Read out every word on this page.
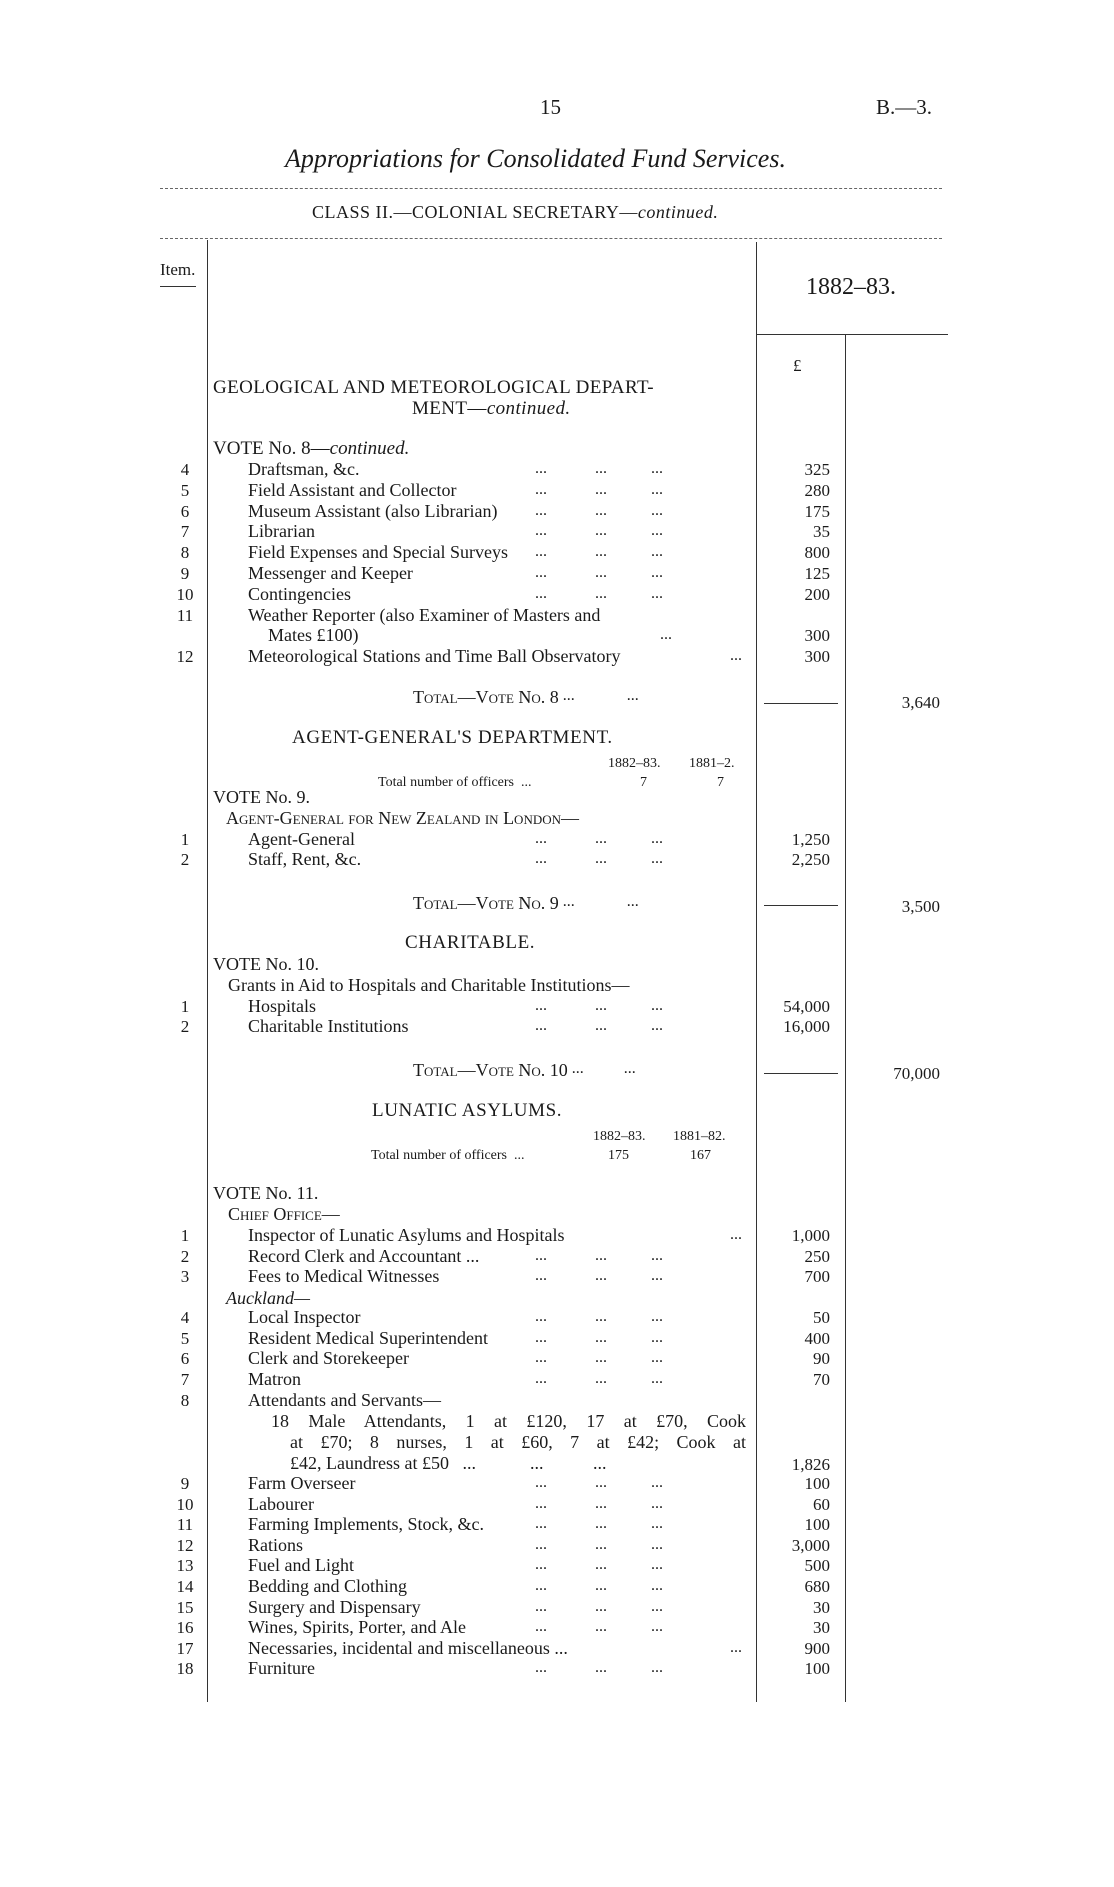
15	B.—3.
Appropriations for Consolidated Fund Services.
CLASS II.—COLONIAL SECRETARY—continued.
Item.
1882–83.
£
GEOLOGICAL AND METEOROLOGICAL DEPART-
MENT—continued.
VOTE No. 8—continued.
4	Draftsman, &c.	...            ...           ...	325
5	Field Assistant and Collector	...            ...           ...	280
6	Museum Assistant (also Librarian) ...            ...           ...	175
7	Librarian	...            ...           ...	35
8	Field Expenses and Special Surveys ...            ...           ...	800
9	Messenger and Keeper	...            ...           ...	125
10	Contingencies	...            ...           ...	200
11	Weather Reporter (also Examiner of Masters and
Mates £100)	...	300
12	Meteorological Stations and Time Ball Observatory	...	300
Total—Vote No. 8 ...             ...	3,640
AGENT-GENERAL'S DEPARTMENT.
1882–83. 1881–2.
Total number of officers  ...	7	7
VOTE No. 9.
Agent-General for New Zealand in London—
1	Agent-General	...            ...           ...	1,250
2	Staff, Rent, &c.	...            ...           ...	2,250
Total—Vote No. 9 ...             ...	3,500
CHARITABLE.
VOTE No. 10.
Grants in Aid to Hospitals and Charitable Institutions—
1	Hospitals	...            ...           ...	54,000
2	Charitable Institutions	...            ...           ...	16,000
Total—Vote No. 10 ...          ...	70,000
LUNATIC ASYLUMS.
1882–83. 1881–82.
Total number of officers  ...	175	167
VOTE No. 11.
Chief Office—
1	Inspector of Lunatic Asylums and Hospitals	...	1,000
2	Record Clerk and Accountant ...	...            ...           ...	250
3	Fees to Medical Witnesses	...            ...           ...	700
Auckland—
4	Local Inspector	...            ...           ...	50
5	Resident Medical Superintendent	...            ...           ...	400
6	Clerk and Storekeeper	...            ...           ...	90
7	Matron	...            ...           ...	70
8	Attendants and Servants—
18 Male Attendants, 1 at £120, 17 at £70, Cook
at £70; 8 nurses, 1 at £60, 7 at £42; Cook at
£42, Laundress at £50   ...            ...           ...	1,826
9	Farm Overseer	...            ...           ...	100
10	Labourer	...            ...           ...	60
11	Farming Implements, Stock, &c.	...            ...           ...	100
12	Rations	...            ...           ...	3,000
13	Fuel and Light	...            ...           ...	500
14	Bedding and Clothing	...            ...           ...	680
15	Surgery and Dispensary	...            ...           ...	30
16	Wines, Spirits, Porter, and Ale	...            ...           ...	30
17	Necessaries, incidental and miscellaneous ...	...	900
18	Furniture	...            ...           ...	100
